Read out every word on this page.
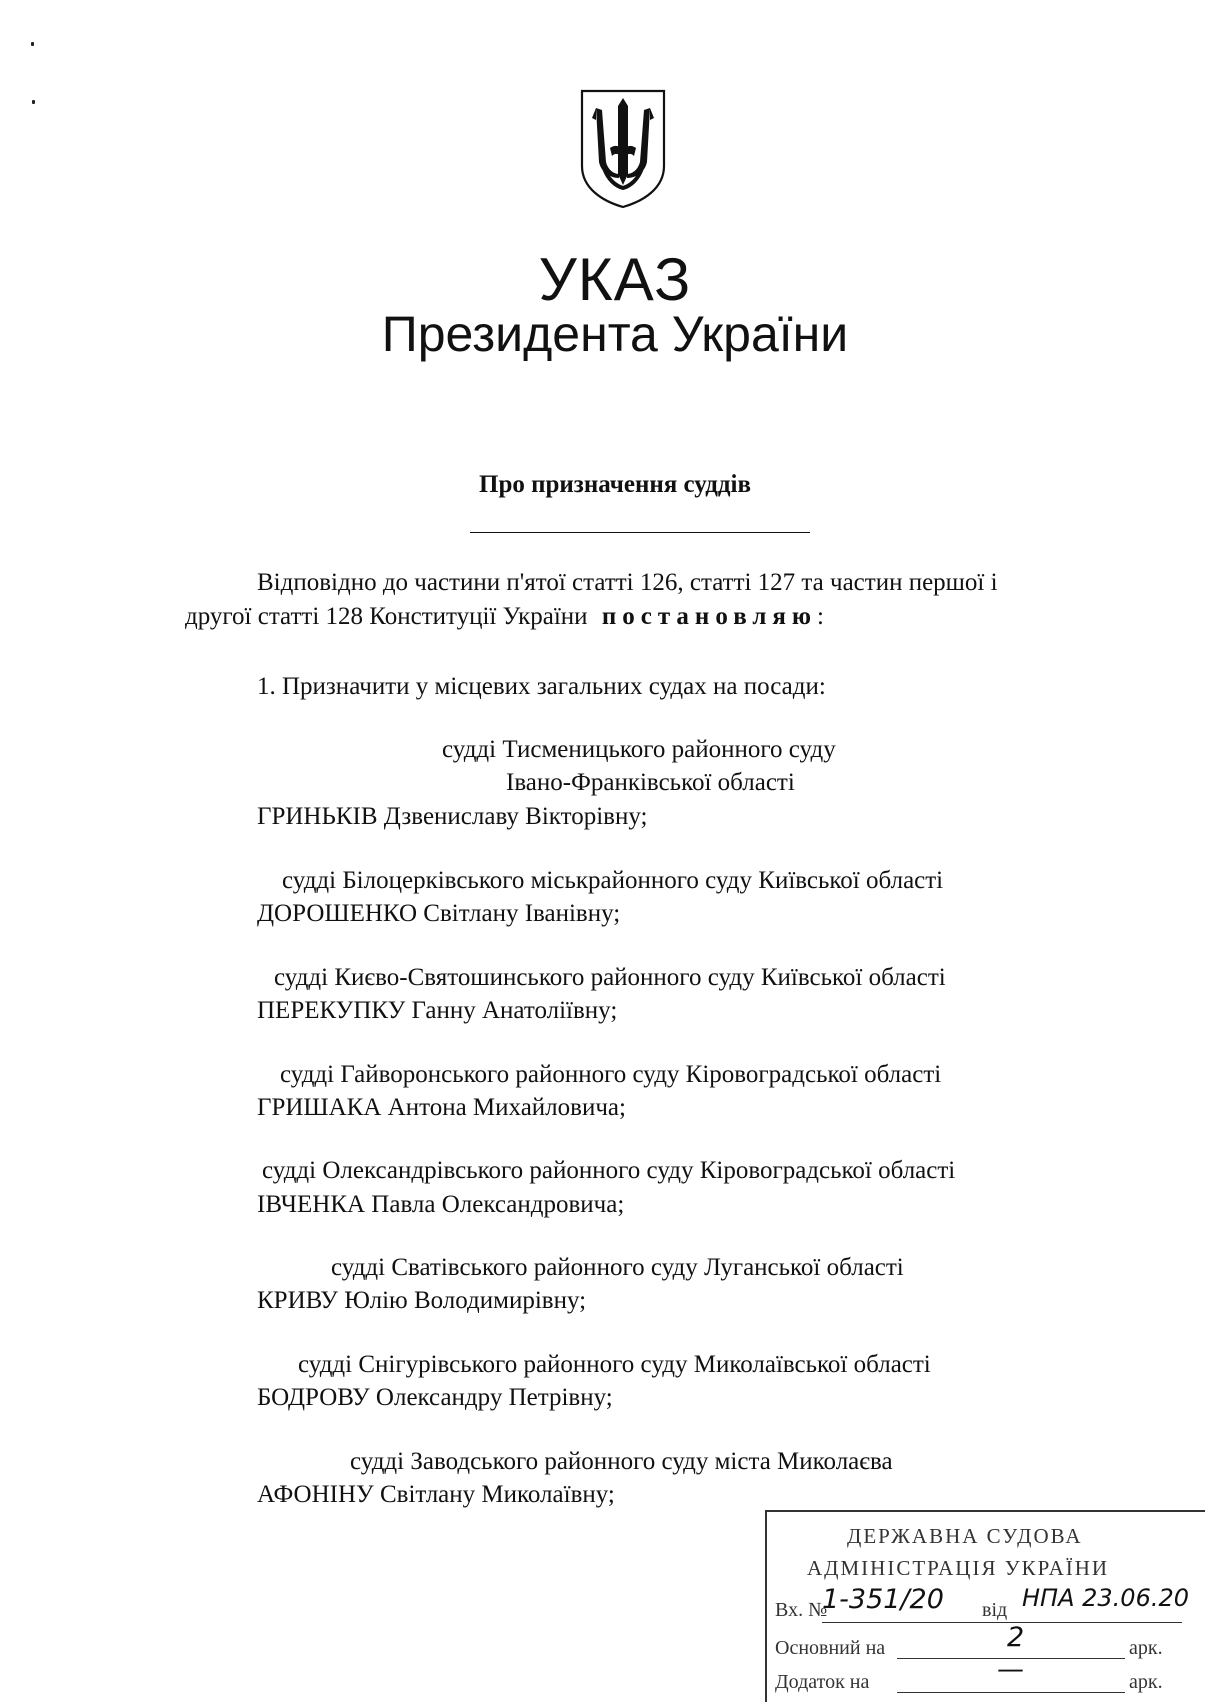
УКАЗ
Президента України
Про призначення суддів
Відповідно до частини п'ятої статті 126, статті 127 та частин першої і
другої статті 128 Конституції України постановляю:
1. Призначити у місцевих загальних судах на посади:
судді Тисменицького районного суду
Івано-Франківської області
ГРИНЬКІВ Дзвениславу Вікторівну;
судді Білоцерківського міськрайонного суду Київської області
ДОРОШЕНКО Світлану Іванівну;
судді Києво-Святошинського районного суду Київської області
ПЕРЕКУПКУ Ганну Анатоліївну;
судді Гайворонського районного суду Кіровоградської області
ГРИШАКА Антона Михайловича;
судді Олександрівського районного суду Кіровоградської області
ІВЧЕНКА Павла Олександровича;
судді Сватівського районного суду Луганської області
КРИВУ Юлію Володимирівну;
судді Снігурівського районного суду Миколаївської області
БОДРОВУ Олександру Петрівну;
судді Заводського районного суду міста Миколаєва
АФОНІНУ Світлану Миколаївну;
ДЕРЖАВНА СУДОВА
АДМІНІСТРАЦІЯ УКРАЇНИ
Вх. №
1-351/20 від НПА 23.06.20
Основний на	2	арк.
Додаток на	—	арк.
